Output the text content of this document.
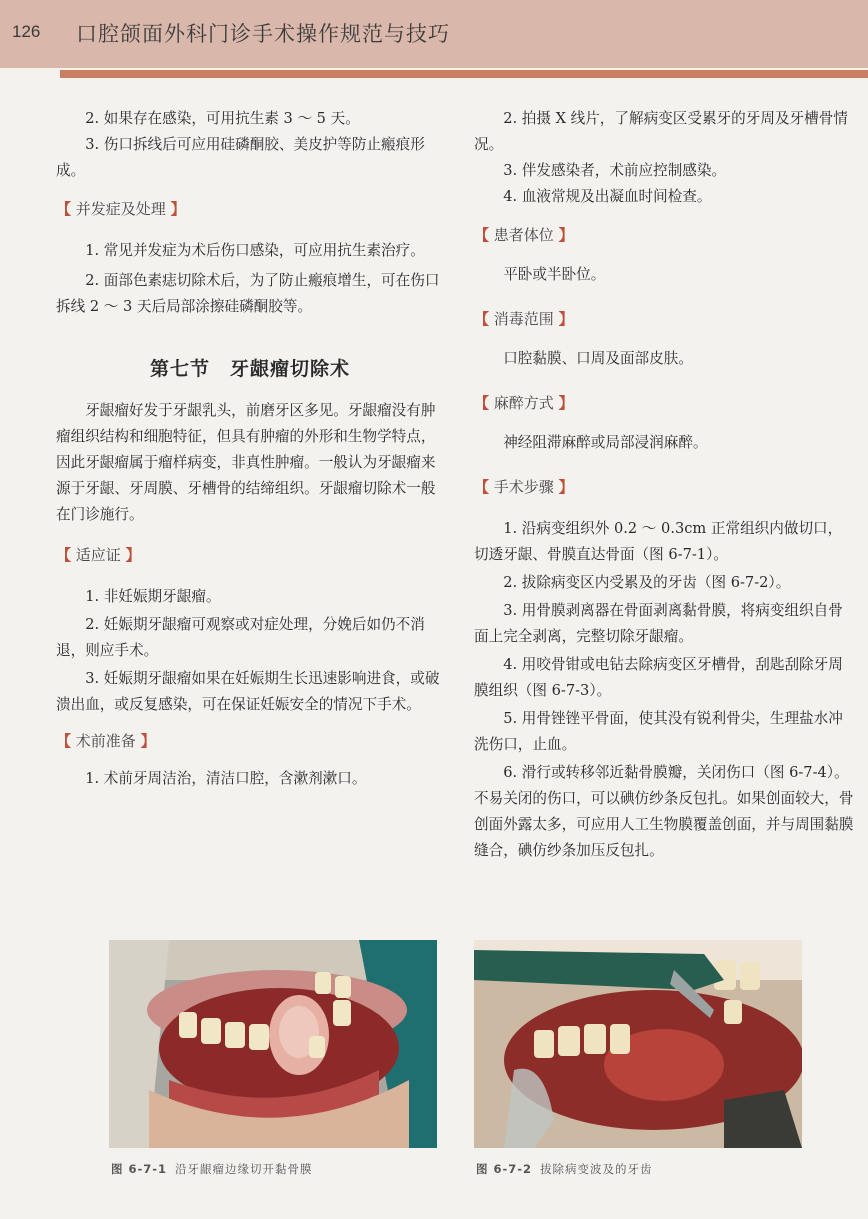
126 口腔颌面外科门诊手术操作规范与技巧

2. 如果存在感染，可用抗生素 3 ～ 5 天。

3. 伤口拆线后可应用硅磷酮胶、美皮护等防止瘢痕形成。

【 并发症及处理 】

1. 常见并发症为术后伤口感染，可应用抗生素治疗。

2. 面部色素痣切除术后，为了防止瘢痕增生，可在伤口拆线 2 ～ 3 天后局部涂擦硅磷酮胶等。

第七节　牙龈瘤切除术

牙龈瘤好发于牙龈乳头，前磨牙区多见。牙龈瘤没有肿瘤组织结构和细胞特征，但具有肿瘤的外形和生物学特点，因此牙龈瘤属于瘤样病变，非真性肿瘤。一般认为牙龈瘤来源于牙龈、牙周膜、牙槽骨的结缔组织。牙龈瘤切除术一般在门诊施行。

【 适应证 】

1. 非妊娠期牙龈瘤。

2. 妊娠期牙龈瘤可观察或对症处理，分娩后如仍不消退，则应手术。

3. 妊娠期牙龈瘤如果在妊娠期生长迅速影响进食，或破溃出血，或反复感染，可在保证妊娠安全的情况下手术。

【 术前准备 】

1. 术前牙周洁治，清洁口腔，含漱剂漱口。

2. 拍摄 X 线片，了解病变区受累牙的牙周及牙槽骨情况。

3. 伴发感染者，术前应控制感染。

4. 血液常规及出凝血时间检查。

【 患者体位 】

平卧或半卧位。

【 消毒范围 】

口腔黏膜、口周及面部皮肤。

【 麻醉方式 】

神经阻滞麻醉或局部浸润麻醉。

【 手术步骤 】

1. 沿病变组织外 0.2 ～ 0.3cm 正常组织内做切口，切透牙龈、骨膜直达骨面（图 6-7-1）。

2. 拔除病变区内受累及的牙齿（图 6-7-2）。

3. 用骨膜剥离器在骨面剥离黏骨膜，将病变组织自骨面上完全剥离，完整切除牙龈瘤。

4. 用咬骨钳或电钻去除病变区牙槽骨，刮匙刮除牙周膜组织（图 6-7-3）。

5. 用骨锉锉平骨面，使其没有锐利骨尖，生理盐水冲洗伤口，止血。

6. 滑行或转移邻近黏骨膜瓣，关闭伤口（图 6-7-4）。不易关闭的伤口，可以碘仿纱条反包扎。如果创面较大，骨创面外露太多，可应用人工生物膜覆盖创面，并与周围黏膜缝合，碘仿纱条加压反包扎。

图 6-7-1 沿牙龈瘤边缘切开黏骨膜	图 6-7-2 拔除病变波及的牙齿
